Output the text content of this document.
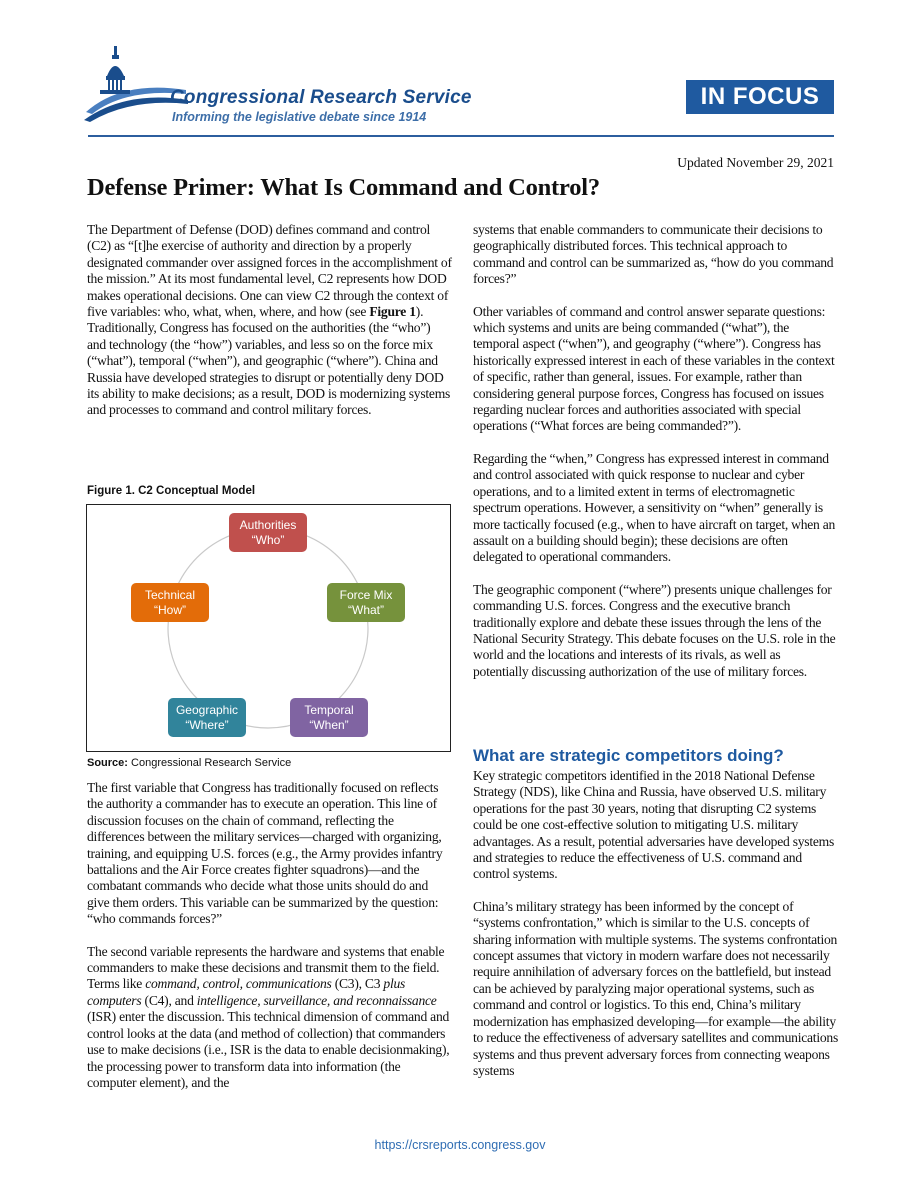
Congressional Research Service
Informing the legislative debate since 1914
IN FOCUS
Updated November 29, 2021
Defense Primer: What Is Command and Control?

The Department of Defense (DOD) defines command and control (C2) as “[t]he exercise of authority and direction by a properly designated commander over assigned forces in the accomplishment of the mission.” At its most fundamental level, C2 represents how DOD makes operational decisions. One can view C2 through the context of five variables: who, what, when, where, and how (see Figure 1). Traditionally, Congress has focused on the authorities (the “who”) and technology (the “how”) variables, and less so on the force mix (“what”), temporal (“when”), and geographic (“where”). China and Russia have developed strategies to disrupt or potentially deny DOD its ability to make decisions; as a result, DOD is modernizing systems and processes to command and control military forces.

Figure 1. C2 Conceptual Model
Authorities
“Who”
Force Mix
“What”
Temporal
“When”
Geographic
“Where”
Technical
“How”
Source: Congressional Research Service

The first variable that Congress has traditionally focused on reflects the authority a commander has to execute an operation. This line of discussion focuses on the chain of command, reflecting the differences between the military services—charged with organizing, training, and equipping U.S. forces (e.g., the Army provides infantry battalions and the Air Force creates fighter squadrons)—and the combatant commands who decide what those units should do and give them orders. This variable can be summarized by the question: “who commands forces?”

The second variable represents the hardware and systems that enable commanders to make these decisions and transmit them to the field. Terms like command, control, communications (C3), C3 plus computers (C4), and intelligence, surveillance, and reconnaissance (ISR) enter the discussion. This technical dimension of command and control looks at the data (and method of collection) that commanders use to make decisions (i.e., ISR is the data to enable decisionmaking), the processing power to transform data into information (the computer element), and the

systems that enable commanders to communicate their decisions to geographically distributed forces. This technical approach to command and control can be summarized as, “how do you command forces?”

Other variables of command and control answer separate questions: which systems and units are being commanded (“what”), the temporal aspect (“when”), and geography (“where”). Congress has historically expressed interest in each of these variables in the context of specific, rather than general, issues. For example, rather than considering general purpose forces, Congress has focused on issues regarding nuclear forces and authorities associated with special operations (“What forces are being commanded?”).

Regarding the “when,” Congress has expressed interest in command and control associated with quick response to nuclear and cyber operations, and to a limited extent in terms of electromagnetic spectrum operations. However, a sensitivity on “when” generally is more tactically focused (e.g., when to have aircraft on target, when an assault on a building should begin); these decisions are often delegated to operational commanders.

The geographic component (“where”) presents unique challenges for commanding U.S. forces. Congress and the executive branch traditionally explore and debate these issues through the lens of the National Security Strategy. This debate focuses on the U.S. role in the world and the locations and interests of its rivals, as well as potentially discussing authorization of the use of military forces.

What are strategic competitors doing?

Key strategic competitors identified in the 2018 National Defense Strategy (NDS), like China and Russia, have observed U.S. military operations for the past 30 years, noting that disrupting C2 systems could be one cost-effective solution to mitigating U.S. military advantages. As a result, potential adversaries have developed systems and strategies to reduce the effectiveness of U.S. command and control systems.

China’s military strategy has been informed by the concept of “systems confrontation,” which is similar to the U.S. concepts of sharing information with multiple systems. The systems confrontation concept assumes that victory in modern warfare does not necessarily require annihilation of adversary forces on the battlefield, but instead can be achieved by paralyzing major operational systems, such as command and control or logistics. To this end, China’s military modernization has emphasized developing—for example—the ability to reduce the effectiveness of adversary satellites and communications systems and thus prevent adversary forces from connecting weapons systems

https://crsreports.congress.gov
